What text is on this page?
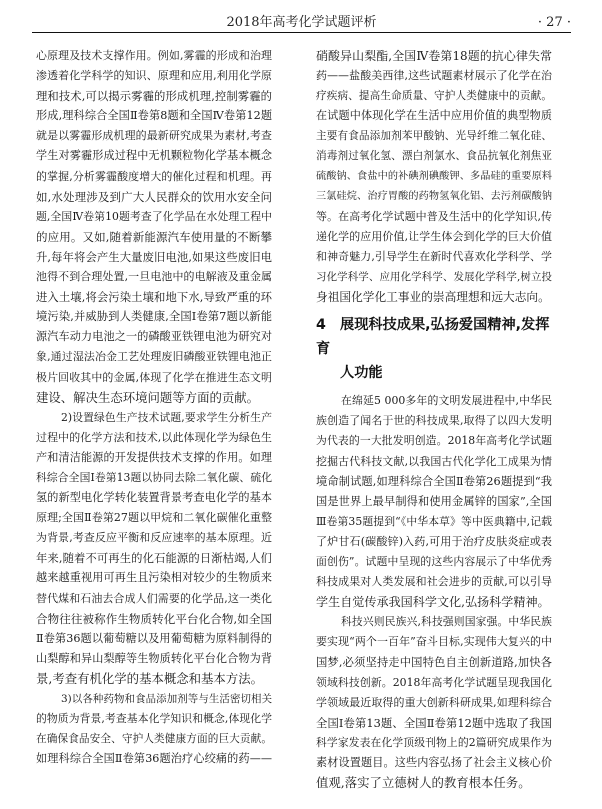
2018年高考化学试题评析	· 27 ·
心原理及技术支撑作用。例如,雾霾的形成和治理
渗透着化学科学的知识、原理和应用,利用化学原
理和技术,可以揭示雾霾的形成机理,控制雾霾的
形成,理科综合全国Ⅱ卷第8题和全国Ⅳ卷第12题
就是以雾霾形成机理的最新研究成果为素材,考查
学生对雾霾形成过程中无机颗粒物化学基本概念
的掌握,分析雾霾酸度增大的催化过程和机理。再
如,水处理涉及到广大人民群众的饮用水安全问
题,全国Ⅳ卷第10题考查了化学品在水处理工程中
的应用。又如,随着新能源汽车使用量的不断攀
升,每年将会产生大量废旧电池,如果这些废旧电
池得不到合理处置,一旦电池中的电解液及重金属
进入土壤,将会污染土壤和地下水,导致严重的环
境污染,并威胁到人类健康,全国Ⅰ卷第7题以新能
源汽车动力电池之一的磷酸亚铁锂电池为研究对
象,通过湿法冶金工艺处理废旧磷酸亚铁锂电池正
极片回收其中的金属,体现了化学在推进生态文明
建设、解决生态环境问题等方面的贡献。
2)设置绿色生产技术试题,要求学生分析生产
过程中的化学方法和技术,以此体现化学为绿色生
产和清洁能源的开发提供技术支撑的作用。如理
科综合全国Ⅰ卷第13题以协同去除二氧化碳、硫化
氢的新型电化学转化装置背景考查电化学的基本
原理;全国Ⅱ卷第27题以甲烷和二氧化碳催化重整
为背景,考查反应平衡和反应速率的基本原理。近
年来,随着不可再生的化石能源的日渐枯竭,人们
越来越重视用可再生且污染相对较少的生物质来
替代煤和石油去合成人们需要的化学品,这一类化
合物往往被称作生物质转化平台化合物,如全国
Ⅱ卷第36题以葡萄糖以及用葡萄糖为原料制得的
山梨醇和异山梨醇等生物质转化平台化合物为背
景,考查有机化学的基本概念和基本方法。
3)以各种药物和食品添加剂等与生活密切相关
的物质为背景,考查基本化学知识和概念,体现化学
在确保食品安全、守护人类健康方面的巨大贡献。
如理科综合全国Ⅱ卷第36题治疗心绞痛的药——
硝酸异山梨酯,全国Ⅳ卷第18题的抗心律失常
药——盐酸美西律,这些试题素材展示了化学在治
疗疾病、提高生命质量、守护人类健康中的贡献。
在试题中体现化学在生活中应用价值的典型物质
主要有食品添加剂苯甲酸钠、光导纤维二氧化硅、
消毒剂过氧化氢、漂白剂氯水、食品抗氧化剂焦亚
硫酸钠、食盐中的补碘剂碘酸钾、多晶硅的重要原料
三氯硅烷、治疗胃酸的药物氢氧化铝、去污剂碳酸钠
等。在高考化学试题中普及生活中的化学知识,传
递化学的应用价值,让学生体会到化学的巨大价值
和神奇魅力,引导学生在新时代喜欢化学科学、学
习化学科学、应用化学科学、发展化学科学,树立投
身祖国化学化工事业的崇高理想和远大志向。
4 展现科技成果,弘扬爱国精神,发挥育
人功能
在绵延5 000多年的文明发展进程中,中华民
族创造了闻名于世的科技成果,取得了以四大发明
为代表的一大批发明创造。2018年高考化学试题
挖掘古代科技文献,以我国古代化学化工成果为情
境命制试题,如理科综合全国Ⅱ卷第26题提到“我
国是世界上最早制得和使用金属锌的国家”,全国
Ⅲ卷第35题提到“《中华本草》等中医典籍中,记载
了炉甘石(碳酸锌)入药,可用于治疗皮肤炎症或表
面创伤”。试题中呈现的这些内容展示了中华优秀
科技成果对人类发展和社会进步的贡献,可以引导
学生自觉传承我国科学文化,弘扬科学精神。
科技兴则民族兴,科技强则国家强。中华民族
要实现“两个一百年”奋斗目标,实现伟大复兴的中
国梦,必须坚持走中国特色自主创新道路,加快各
领域科技创新。2018年高考化学试题呈现我国化
学领域最近取得的重大创新科研成果,如理科综合
全国Ⅰ卷第13题、全国Ⅱ卷第12题中选取了我国
科学家发表在化学顶级刊物上的2篇研究成果作为
素材设置题目。这些内容弘扬了社会主义核心价
值观,落实了立德树人的教育根本任务。
